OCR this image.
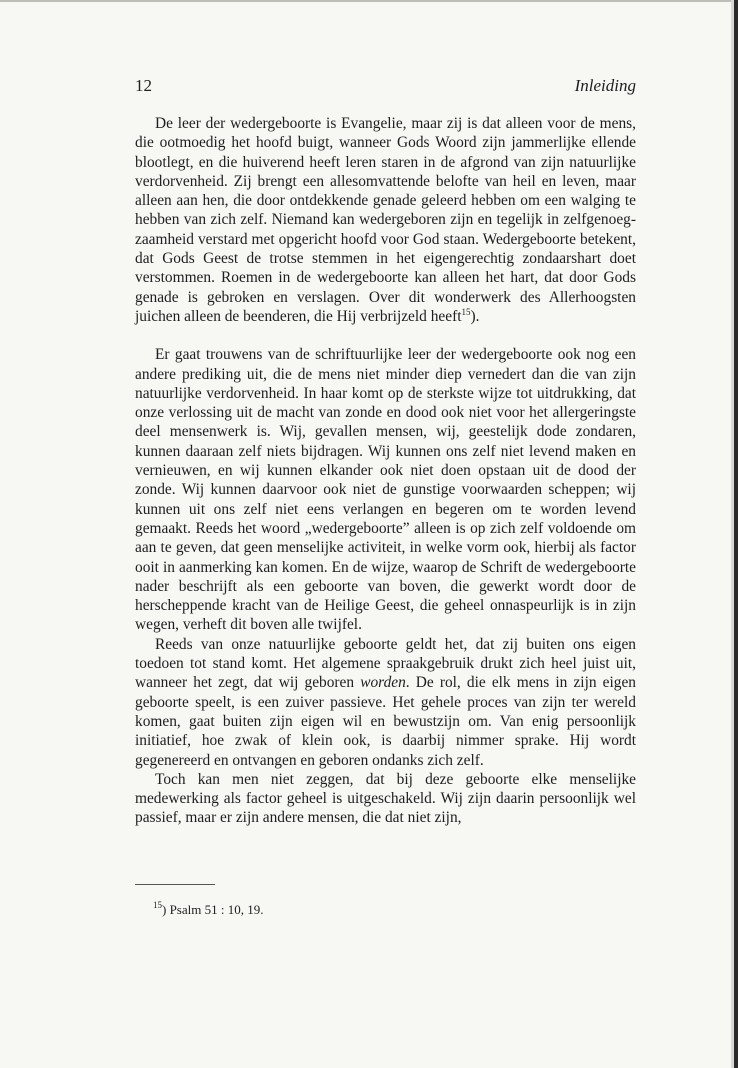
12	Inleiding

De leer der wedergeboorte is Evangelie, maar zij is dat alleen voor de mens, die ootmoedig het hoofd buigt, wanneer Gods Woord zijn jammerlijke ellende blootlegt, en die huiverend heeft leren staren in de afgrond van zijn natuurlijke verdorvenheid. Zij brengt een allesomvattende belofte van heil en leven, maar alleen aan hen, die door ontdekkende genade geleerd hebben om een walging te hebben van zich zelf. Niemand kan wedergeboren zijn en tegelijk in zelfgenoegzaamheid verstard met opgericht hoofd voor God staan. Wedergeboorte betekent, dat Gods Geest de trotse stemmen in het eigengerechtig zondaarshart doet verstommen. Roemen in de wedergeboorte kan alleen het hart, dat door Gods genade is gebroken en verslagen. Over dit wonderwerk des Allerhoogsten juichen alleen de beenderen, die Hij verbrijzeld heeft$^{15}$).

Er gaat trouwens van de schriftuurlijke leer der wedergeboorte ook nog een andere prediking uit, die de mens niet minder diep vernedert dan die van zijn natuurlijke verdorvenheid. In haar komt op de sterkste wijze tot uitdrukking, dat onze verlossing uit de macht van zonde en dood ook niet voor het allergeringste deel mensenwerk is. Wij, gevallen mensen, wij, geestelijk dode zondaren, kunnen daaraan zelf niets bijdragen. Wij kunnen ons zelf niet levend maken en vernieuwen, en wij kunnen elkander ook niet doen opstaan uit de dood der zonde. Wij kunnen daarvoor ook niet de gunstige voorwaarden scheppen; wij kunnen uit ons zelf niet eens verlangen en begeren om te worden levend gemaakt. Reeds het woord „wedergeboorte” alleen is op zich zelf voldoende om aan te geven, dat geen menselijke activiteit, in welke vorm ook, hierbij als factor ooit in aanmerking kan komen. En de wijze, waarop de Schrift de wedergeboorte nader beschrijft als een geboorte van boven, die gewerkt wordt door de herscheppende kracht van de Heilige Geest, die geheel onnaspeurlijk is in zijn wegen, verheft dit boven alle twijfel.

Reeds van onze natuurlijke geboorte geldt het, dat zij buiten ons eigen toedoen tot stand komt. Het algemene spraakgebruik drukt zich heel juist uit, wanneer het zegt, dat wij geboren worden. De rol, die elk mens in zijn eigen geboorte speelt, is een zuiver passieve. Het gehele proces van zijn ter wereld komen, gaat buiten zijn eigen wil en bewustzijn om. Van enig persoonlijk initiatief, hoe zwak of klein ook, is daarbij nimmer sprake. Hij wordt gegenereerd en ontvangen en geboren ondanks zich zelf.

Toch kan men niet zeggen, dat bij deze geboorte elke menselijke medewerking als factor geheel is uitgeschakeld. Wij zijn daarin persoonlijk wel passief, maar er zijn andere mensen, die dat niet zijn,

$^{15}$) Psalm 51 : 10, 19.
